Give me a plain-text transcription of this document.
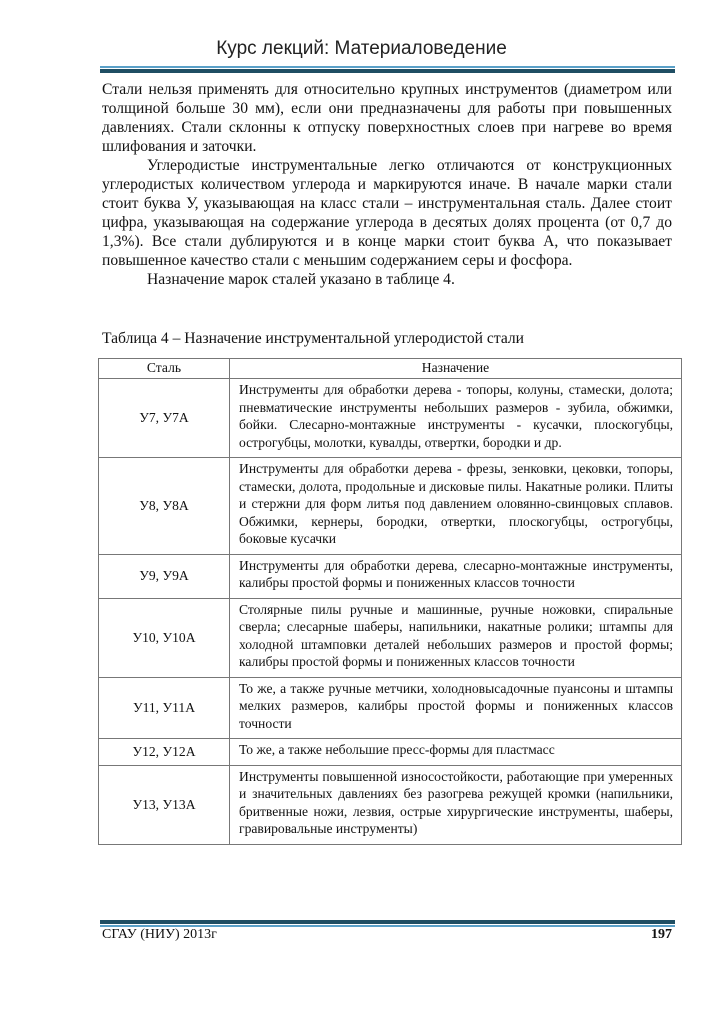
Курс лекций: Материаловедение

Стали нельзя применять для относительно крупных инструментов (диаметром или толщиной больше 30 мм), если они предназначены для работы при повышенных давлениях. Стали склонны к отпуску поверхностных слоев при нагреве во время шлифования и заточки.

Углеродистые инструментальные легко отличаются от конструкционных углеродистых количеством углерода и маркируются иначе. В начале марки стали стоит буква У, указывающая на класс стали – инструментальная сталь. Далее стоит цифра, указывающая на содержание углерода в десятых долях процента (от 0,7 до 1,3%). Все стали дублируются и в конце марки стоит буква А, что показывает повышенное качество стали с меньшим содержанием серы и фосфора.

Назначение марок сталей указано в таблице 4.

Таблица 4 – Назначение инструментальной углеродистой стали
Сталь	Назначение
У7, У7А	Инструменты для обработки дерева - топоры, колуны, стамески, долота; пневматические инструменты небольших размеров - зубила, обжимки, бойки. Слесарно-монтажные инструменты - кусачки, плоскогубцы, острогубцы, молотки, кувалды, отвертки, бородки и др.
У8, У8А	Инструменты для обработки дерева - фрезы, зенковки, цековки, топоры, стамески, долота, продольные и дисковые пилы. Накатные ролики. Плиты и стержни для форм литья под давлением оловянно-свинцовых сплавов. Обжимки, кернеры, бородки, отвертки, плоскогубцы, острогубцы, боковые кусачки
У9, У9А	Инструменты для обработки дерева, слесарно-монтажные инструменты, калибры простой формы и пониженных классов точности
У10, У10А	Столярные пилы ручные и машинные, ручные ножовки, спиральные сверла; слесарные шаберы, напильники, накатные ролики; штампы для холодной штамповки деталей небольших размеров и простой формы; калибры простой формы и пониженных классов точности
У11, У11А	То же, а также ручные метчики, холодновысадочные пуансоны и штампы мелких размеров, калибры простой формы и пониженных классов точности
У12, У12А	То же, а также небольшие пресс-формы для пластмасс
У13, У13А	Инструменты повышенной износостойкости, работающие при умеренных и значительных давлениях без разогрева режущей кромки (напильники, бритвенные ножи, лезвия, острые хирургические инструменты, шаберы, гравировальные инструменты)
СГАУ (НИУ) 2013г	197
